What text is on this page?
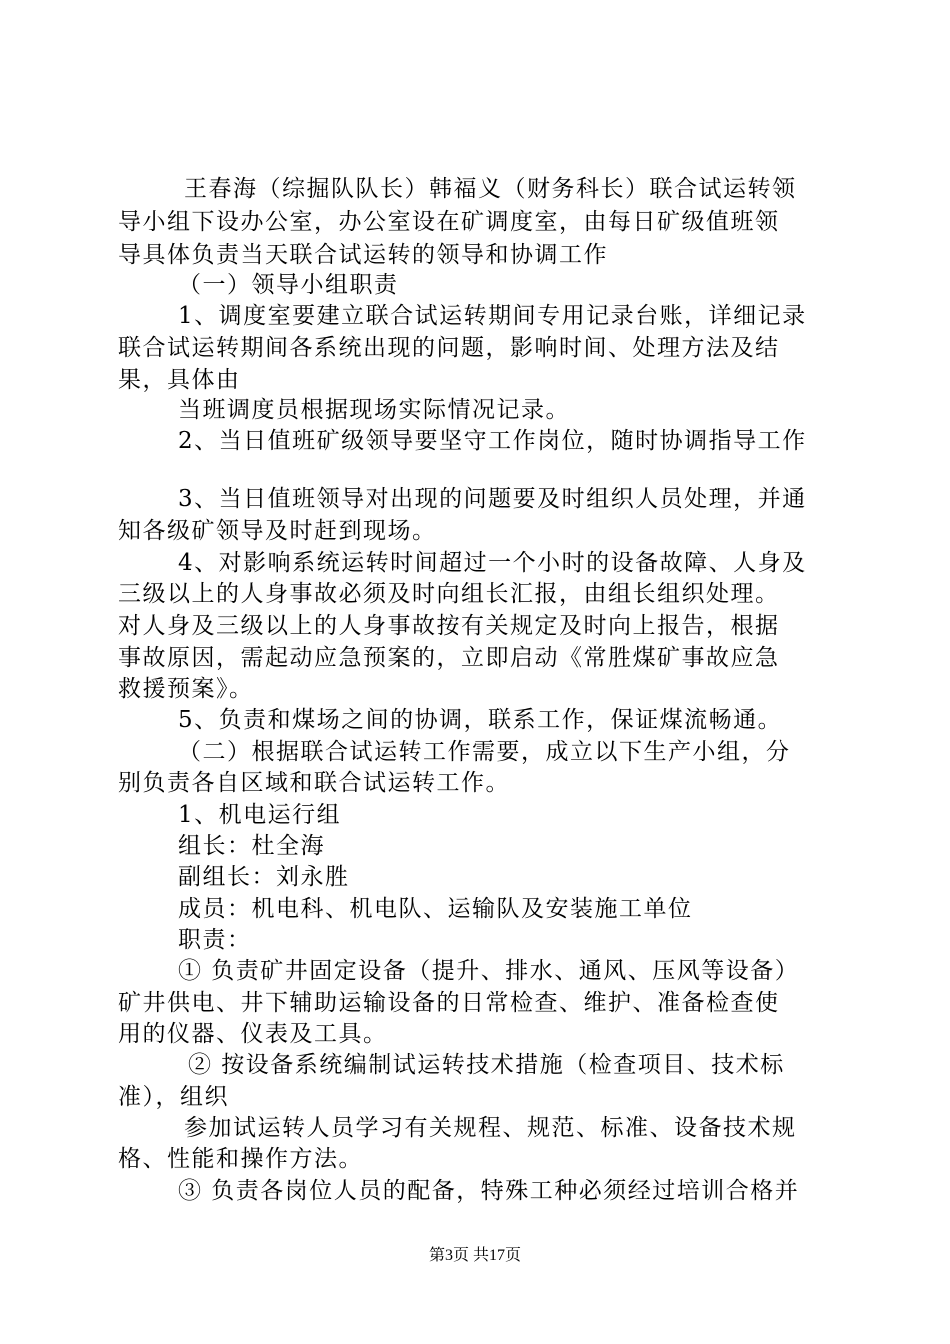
王春海（综掘队队长）韩福义（财务科长）联合试运转领
导小组下设办公室，办公室设在矿调度室，由每日矿级值班领
导具体负责当天联合试运转的领导和协调工作
（一）领导小组职责
1、调度室要建立联合试运转期间专用记录台账，详细记录
联合试运转期间各系统出现的问题，影响时间、处理方法及结
果，具体由
当班调度员根据现场实际情况记录。
2、当日值班矿级领导要坚守工作岗位，随时协调指导工作
3、当日值班领导对出现的问题要及时组织人员处理，并通
知各级矿领导及时赶到现场。
4、对影响系统运转时间超过一个小时的设备故障、人身及
三级以上的人身事故必须及时向组长汇报，由组长组织处理。
对人身及三级以上的人身事故按有关规定及时向上报告，根据
事故原因，需起动应急预案的，立即启动《常胜煤矿事故应急
救援预案》。
5、负责和煤场之间的协调，联系工作，保证煤流畅通。
（二）根据联合试运转工作需要，成立以下生产小组，分
别负责各自区域和联合试运转工作。
1、机电运行组
组长：杜全海
副组长：刘永胜
成员：机电科、机电队、运输队及安装施工单位
职责：
① 负责矿井固定设备（提升、排水、通风、压风等设备）
矿井供电、井下辅助运输设备的日常检查、维护、准备检查使
用的仪器、仪表及工具。
② 按设备系统编制试运转技术措施（检查项目、技术标
准），组织
参加试运转人员学习有关规程、规范、标准、设备技术规
格、性能和操作方法。
③ 负责各岗位人员的配备，特殊工种必须经过培训合格并
第3页 共17页
